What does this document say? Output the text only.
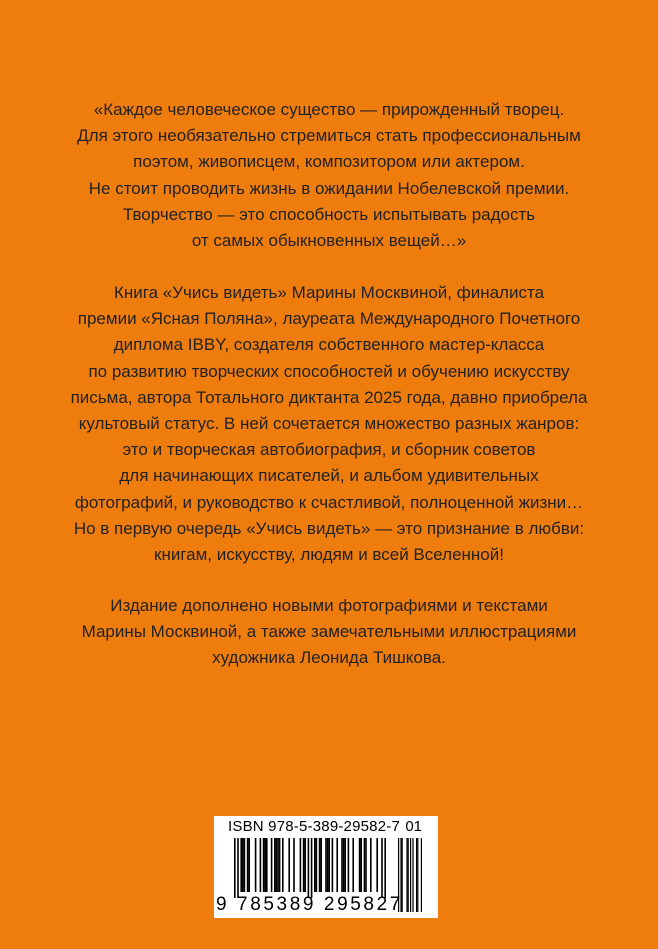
«Каждое человеческое существо — прирожденный творец.
Для этого необязательно стремиться стать профессиональным
поэтом, живописцем, композитором или актером.
Не стоит проводить жизнь в ожидании Нобелевской премии.
Творчество — это способность испытывать радость
от самых обыкновенных вещей…»
Книга «Учись видеть» Марины Москвиной, финалиста
премии «Ясная Поляна», лауреата Международного Почетного
диплома IBBY, создателя собственного мастер-класса
по развитию творческих способностей и обучению искусству
письма, автора Тотального диктанта 2025 года, давно приобрела
культовый статус. В ней сочетается множество разных жанров:
это и творческая автобиография, и сборник советов
для начинающих писателей, и альбом удивительных
фотографий, и руководство к счастливой, полноценной жизни…
Но в первую очередь «Учись видеть» — это признание в любви:
книгам, искусству, людям и всей Вселенной!
Издание дополнено новыми фотографиями и текстами
Марины Москвиной, а также замечательными иллюстрациями
художника Леонида Тишкова.
ISBN 978-5-389-29582-7 01
9 785389 295827
